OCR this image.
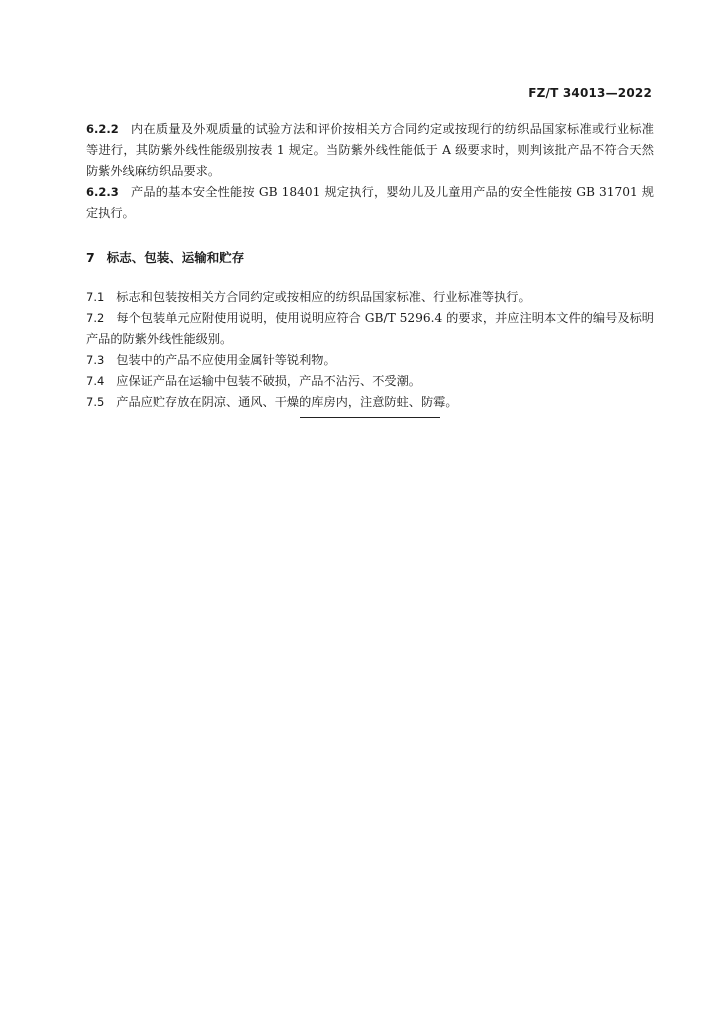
FZ/T 34013—2022

6.2.2 内在质量及外观质量的试验方法和评价按相关方合同约定或按现行的纺织品国家标准或行业标准等进行，其防紫外线性能级别按表 1 规定。当防紫外线性能低于 A 级要求时，则判该批产品不符合天然防紫外线麻纺织品要求。

6.2.3 产品的基本安全性能按 GB 18401 规定执行，婴幼儿及儿童用产品的安全性能按 GB 31701 规定执行。

7 标志、包装、运输和贮存

7.1 标志和包装按相关方合同约定或按相应的纺织品国家标准、行业标准等执行。

7.2 每个包装单元应附使用说明，使用说明应符合 GB/T 5296.4 的要求，并应注明本文件的编号及标明产品的防紫外线性能级别。

7.3 包装中的产品不应使用金属针等锐利物。

7.4 应保证产品在运输中包装不破损，产品不沾污、不受潮。

7.5 产品应贮存放在阴凉、通风、干燥的库房内，注意防蛀、防霉。
